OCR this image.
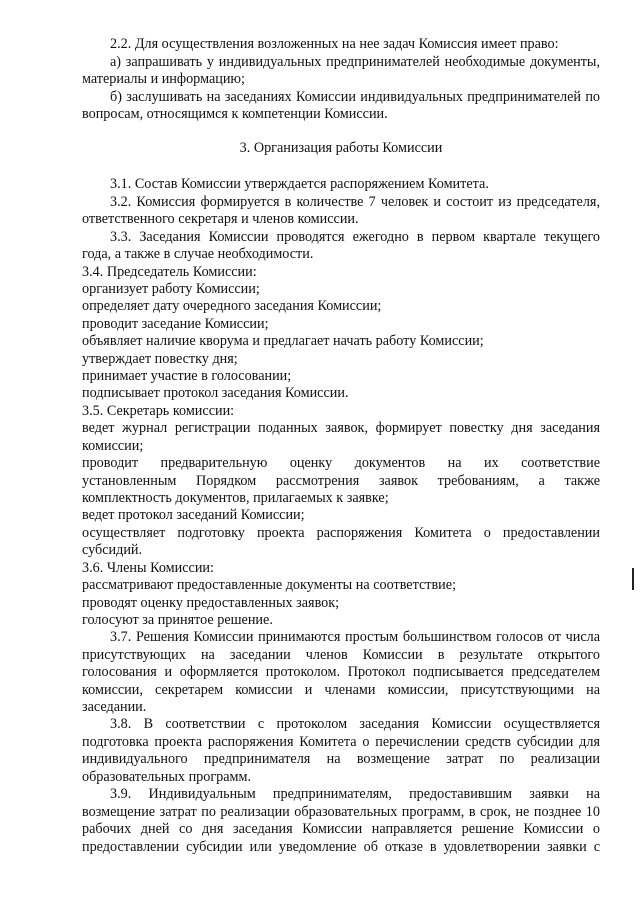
2.2. Для осуществления возложенных на нее задач Комиссия имеет право:
а) запрашивать у индивидуальных предпринимателей необходимые документы,
материалы и информацию;
б) заслушивать на заседаниях Комиссии индивидуальных предпринимателей по
вопросам, относящимся к компетенции Комиссии.
3. Организация работы Комиссии
3.1. Состав Комиссии утверждается распоряжением Комитета.
3.2. Комиссия формируется в количестве 7 человек и состоит из председателя,
ответственного секретаря и членов комиссии.
3.3. Заседания Комиссии проводятся ежегодно в первом квартале текущего
года, а также в случае необходимости.
3.4. Председатель Комиссии:
организует работу Комиссии;
определяет дату очередного заседания Комиссии;
проводит заседание Комиссии;
объявляет наличие кворума и предлагает начать работу Комиссии;
утверждает повестку дня;
принимает участие в голосовании;
подписывает протокол заседания Комиссии.
3.5. Секретарь комиссии:
ведет журнал регистрации поданных заявок, формирует повестку дня заседания
комиссии;
проводит предварительную оценку документов на их соответствие
установленным Порядком рассмотрения заявок требованиям, а также
комплектность документов, прилагаемых к заявке;
ведет протокол заседаний Комиссии;
осуществляет подготовку проекта распоряжения Комитета о предоставлении
субсидий.
3.6. Члены Комиссии:
рассматривают предоставленные документы на соответствие;
проводят оценку предоставленных заявок;
голосуют за принятое решение.
3.7. Решения Комиссии принимаются простым большинством голосов от числа
присутствующих на заседании членов Комиссии в результате открытого
голосования и оформляется протоколом. Протокол подписывается председателем
комиссии, секретарем комиссии и членами комиссии, присутствующими на
заседании.
3.8. В соответствии с протоколом заседания Комиссии осуществляется
подготовка проекта распоряжения Комитета о перечислении средств субсидии для
индивидуального предпринимателя на возмещение затрат по реализации
образовательных программ.
3.9. Индивидуальным предпринимателям, предоставившим заявки на
возмещение затрат по реализации образовательных программ, в срок, не позднее 10
рабочих дней со дня заседания Комиссии направляется решение Комиссии о
предоставлении субсидии или уведомление об отказе в удовлетворении заявки с
